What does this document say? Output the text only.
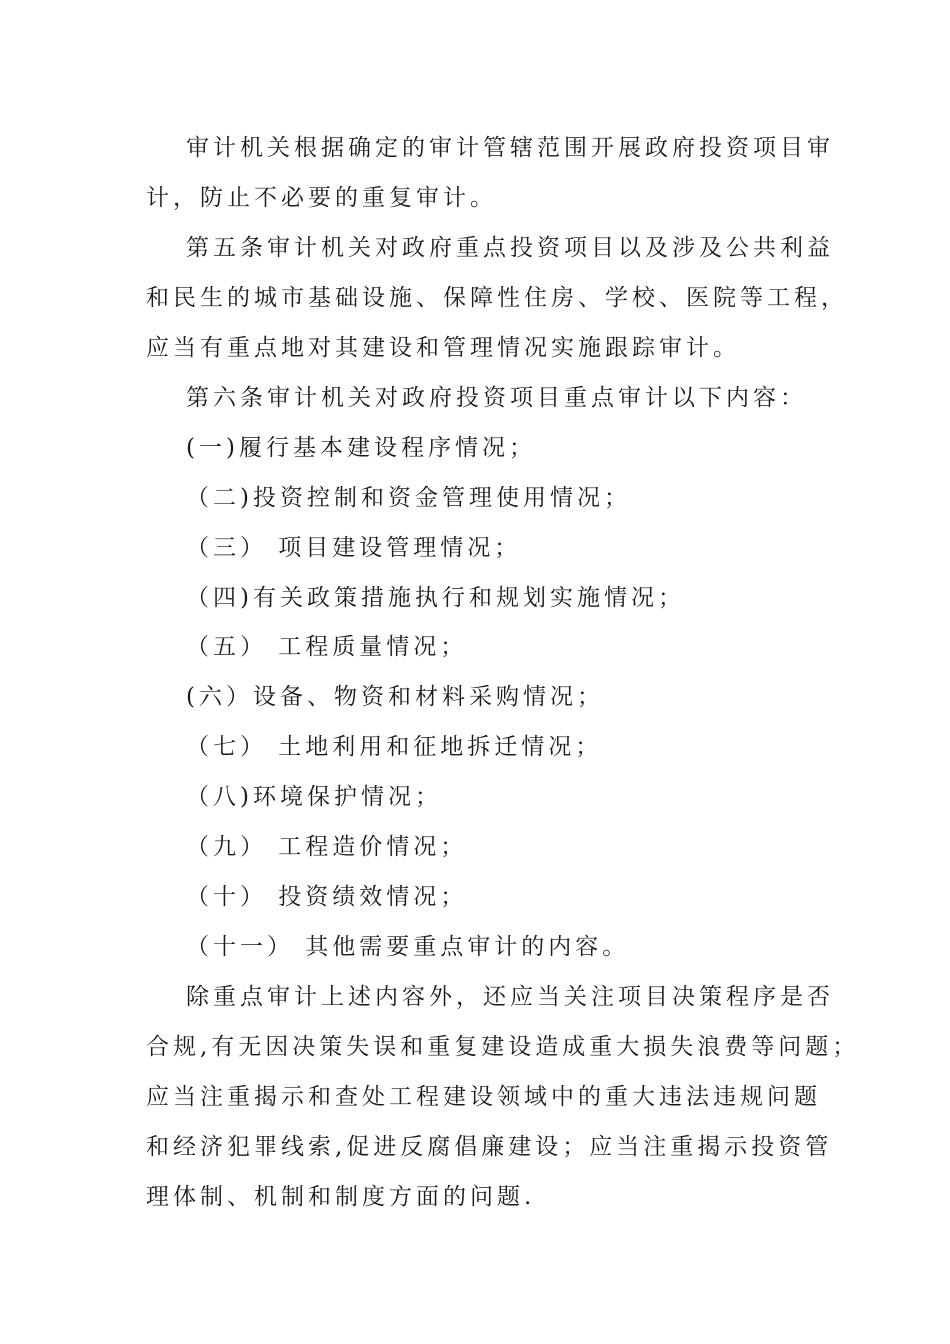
审计机关根据确定的审计管辖范围开展政府投资项目审
计，防止不必要的重复审计。
第五条审计机关对政府重点投资项目以及涉及公共利益
和民生的城市基础设施、保障性住房、学校、医院等工程，
应当有重点地对其建设和管理情况实施跟踪审计。
第六条审计机关对政府投资项目重点审计以下内容：
(一)履行基本建设程序情况；
（二)投资控制和资金管理使用情况；
（三） 项目建设管理情况；
（四)有关政策措施执行和规划实施情况；
（五） 工程质量情况；
(六）设备、物资和材料采购情况；
（七） 土地利用和征地拆迁情况；
（八)环境保护情况；
（九） 工程造价情况；
（十） 投资绩效情况；
（十一） 其他需要重点审计的内容。
除重点审计上述内容外，还应当关注项目决策程序是否
合规,有无因决策失误和重复建设造成重大损失浪费等问题；
应当注重揭示和查处工程建设领域中的重大违法违规问题
和经济犯罪线索,促进反腐倡廉建设；应当注重揭示投资管
理体制、机制和制度方面的问题.
